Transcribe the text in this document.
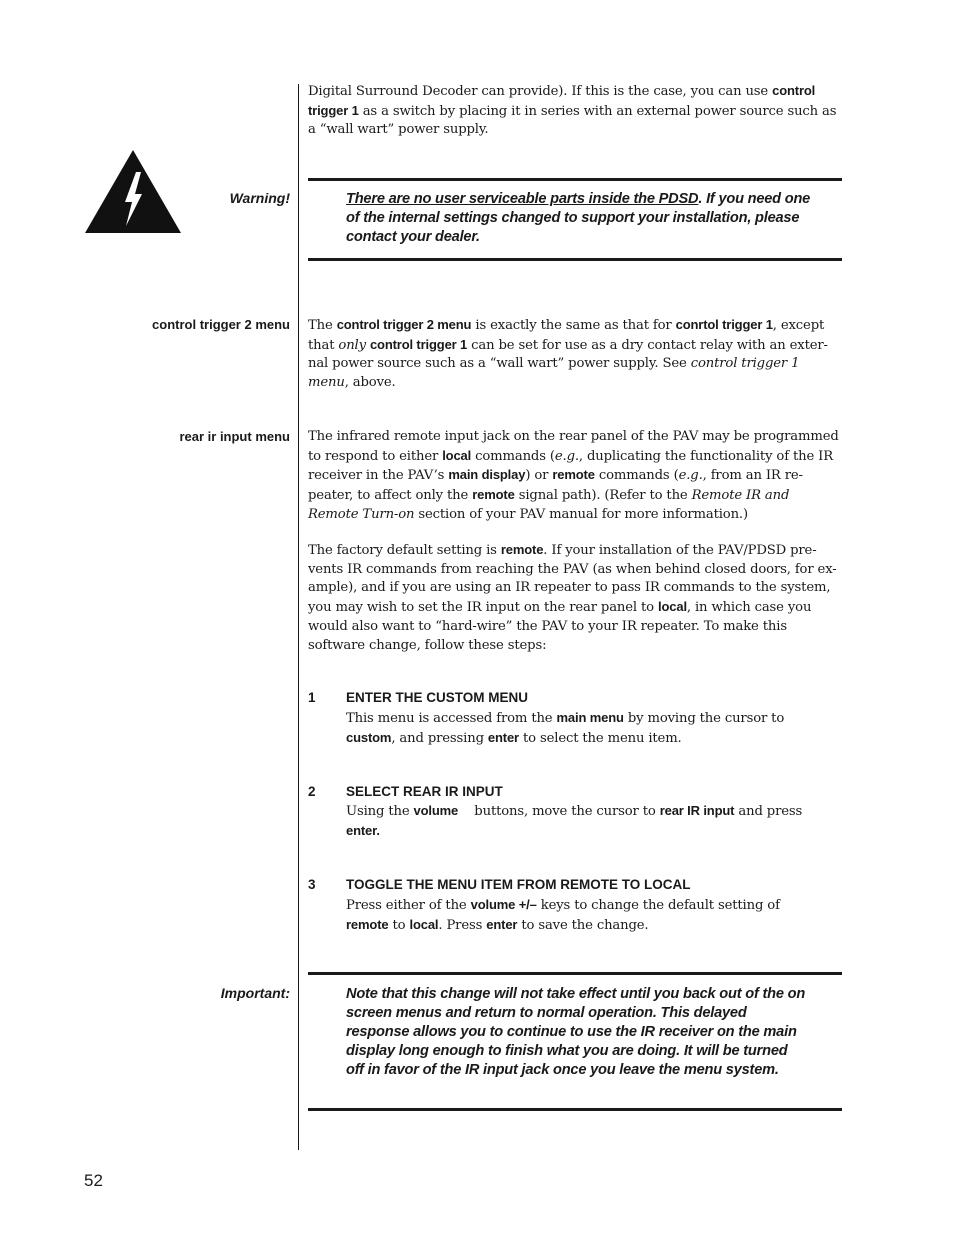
Digital Surround Decoder can provide). If this is the case, you can use control
trigger 1 as a switch by placing it in series with an external power source such as a “wall wart” power supply.

Warning!	There are no user serviceable parts inside the PDSD. If you need one of the internal settings changed to support your installation, please contact your dealer.
control trigger 2 menu The control trigger 2 menu is exactly the same as that for conrtol trigger 1, except that only control trigger 1 can be set for use as a dry contact relay with an exter-nal power source such as a “wall wart” power supply. See control trigger 1 menu, above.

rear ir input menu The infrared remote input jack on the rear panel of the PAV may be programmed to respond to either local commands (e.g., duplicating the functionality of the IR receiver in the PAV’s main display) or remote commands (e.g., from an IR re-peater, to affect only the remote signal path). (Refer to the Remote IR and Remote Turn-on section of your PAV manual for more information.)

The factory default setting is remote. If your installation of the PAV/PDSD pre-vents IR commands from reaching the PAV (as when behind closed doors, for ex-ample), and if you are using an IR repeater to pass IR commands to the system, you may wish to set the IR input on the rear panel to local, in which case you would also want to “hard-wire” the PAV to your IR repeater. To make this software change, follow these steps:

1 ENTER THE CUSTOM MENU

This menu is accessed from the main menu by moving the cursor to
custom, and pressing enter to select the menu item.

2 SELECT REAR IR INPUT

Using the volume    buttons, move the cursor to rear IR input and press
enter.

3 TOGGLE THE MENU ITEM FROM REMOTE TO LOCAL

Press either of the volume +/– keys to change the default setting of
remote to local. Press enter to save the change.

Important:	Note that this change will not take effect until you back out of the on screen menus and return to normal operation. This delayed response allows you to continue to use the IR receiver on the main display long enough to finish what you are doing. It will be turned off in favor of the IR input jack once you leave the menu system.
52
